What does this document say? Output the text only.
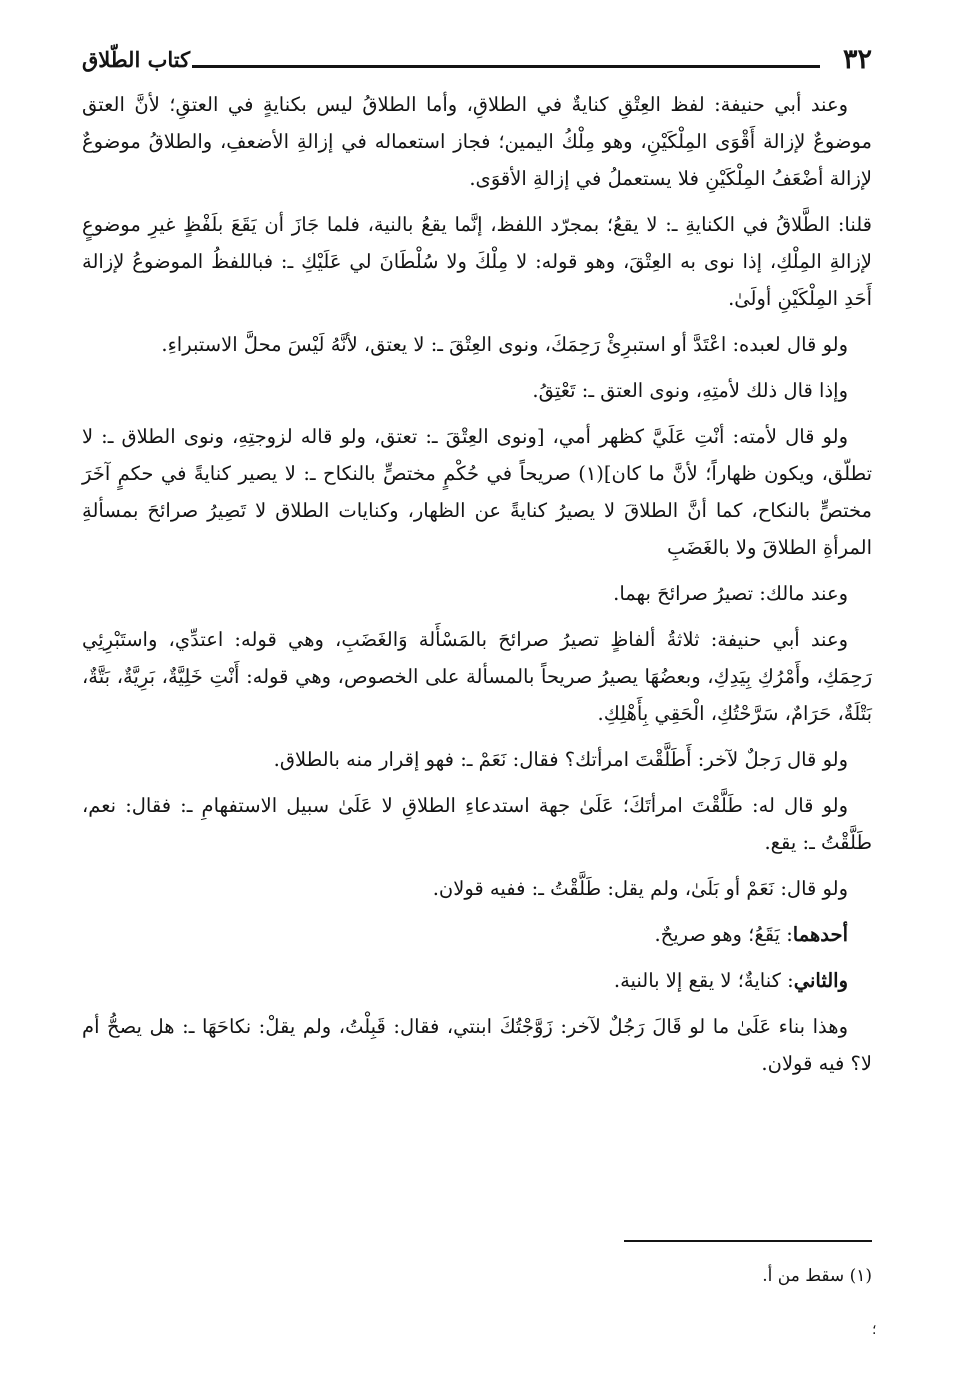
٣٢
كتاب الطّلاق

وعند أبي حنيفة: لفظ العِتْقِ كنايةٌ في الطلاقِ، وأما الطلاقُ ليس بكنايةٍ في العتقِ؛ لأنَّ العتق موضوعٌ لإزالة أَقْوَى المِلْكَيْنِ، وهو مِلْكُ اليمين؛ فجاز استعماله في إزالةِ الأضعفِ، والطلاقُ موضوعٌ لإزالة أضْعَفُ المِلْكَيْنِ فلا يستعملُ في إزالةِ الأقوَى.

قلنا: الطَّلاقُ في الكنايةِ ـ: لا يقعُ؛ بمجرّد اللفظ، إنَّما يقعُ بالنية، فلما جَازَ أن يَقَعَ بلَفْظٍ غيرِ موضوعٍ لإزالةِ المِلْكِ، إذا نوى به العِتْقَ، وهو قوله: لا مِلْكَ ولا سُلْطَانَ لي عَلَيْكِ ـ: فباللفظُ الموضوعُ لإزالة أَحَدِ المِلْكَيْنِ أولَىٰ.

ولو قال لعبده: اعْتَدَّ أو استبرِئْ رَحِمَكَ، ونوى العِتْقَ ـ: لا يعتق، لأنَّهُ لَيْسَ محلَّ الاستبراءِ.

وإذا قال ذلك لأمتِهِ، ونوى العتق ـ: تَعْتِقُ.

ولو قال لأمته: أنْتِ عَلَيَّ كظهر أمي، [ونوى العِتْقَ ـ: تعتق، ولو قاله لزوجتِهِ، ونوى الطلاق ـ: لا تطلّق، ويكون ظهاراً؛ لأنَّ ما كان](١) صريحاً في حُكْمٍ مختصٍّ بالنكاح ـ: لا يصير كنايةً في حكمٍ آخَرَ مختصٍّ بالنكاح، كما أنَّ الطلاقَ لا يصيرُ كنايةً عن الظهار، وكنايات الطلاق لا تَصِيرُ صرائحَ بمسألةِ المرأةِ الطلاقَ ولا بالغَضَبِ

وعند مالك: تصيرُ صرائحَ بهما.

وعند أبي حنيفة: ثلاثةُ ألفاظٍ تصيرُ صرائحَ بالمَسْأَلة وَالغَضَبِ، وهي قوله: اعتدِّي، واستَبْرِئِي رَحِمَكِ، وأَمْرُكِ بِيَدِكِ، وبعضُهَا يصيرُ صريحاً بالمسألة على الخصوص، وهي قوله: أَنْتِ خَلِيَّةٌ، بَرِيَّةٌ، بَتَّةٌ، بَتْلَةٌ، حَرَامٌ، سَرَّحْتُكِ، الْحَقِي بِأَهْلِكِ.

ولو قال رَجلٌ لآخر: أَطَلَّقْتَ امرأتك؟ فقال: نَعَمْ ـ: فهو إقرار منه بالطلاق.

ولو قال له: طَلَّقْتَ امرأتَكَ؛ عَلَىٰ جهة استدعاءِ الطلاقِ لا عَلَىٰ سبيل الاستفهامِ ـ: فقال: نعم، طَلَّقْتُ ـ: يقع.

ولو قال: نَعَمْ أو بَلَىٰ، ولم يقل: طَلَّقْتُ ـ: ففيه قولان.

أحدهما: يَقَعُ؛ وهو صريحٌ.

والثاني: كنايةٌ؛ لا يقع إلا بالنية.

وهذا بناء عَلَىٰ ما لو قَالَ رَجُلٌ لآخر: زَوَّجْتُكَ ابنتي، فقال: قَبِلْتُ، ولم يقلْ: نكاحَهَا ـ: هل يصحُّ أم لا؟ فيه قولان.

(١) سقط من أ.
؛
